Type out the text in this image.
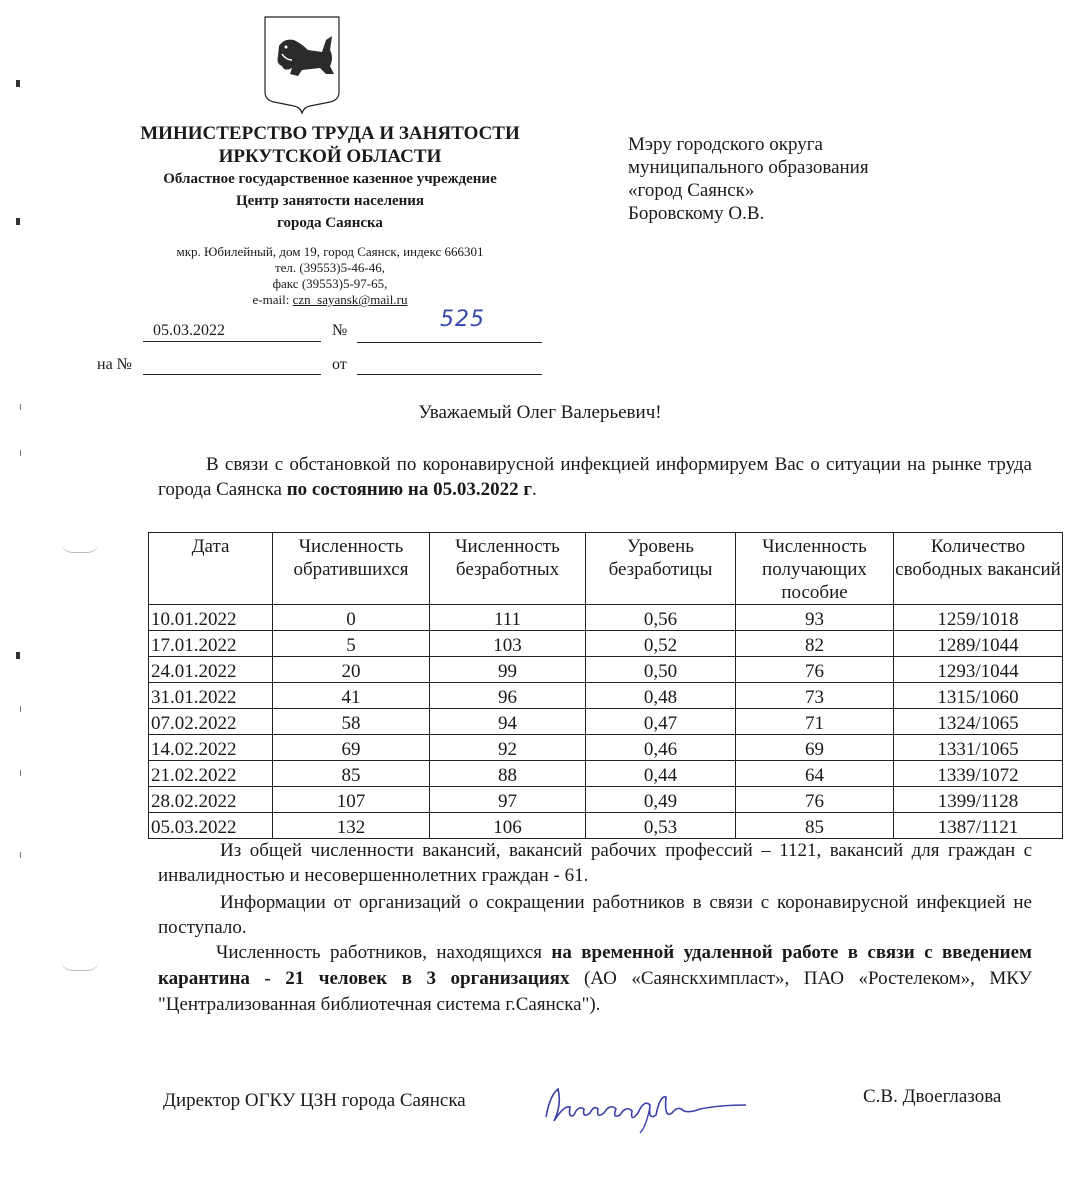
МИНИСТЕРСТВО ТРУДА И ЗАНЯТОСТИ
ИРКУТСКОЙ ОБЛАСТИ
Областное государственное казенное учреждение
Центр занятости населения
города Саянска
мкр. Юбилейный, дом 19, город Саянск, индекс 666301
тел. (39553)5-46-46,
факс (39553)5-97-65,
e-mail: czn_sayansk@mail.ru
05.03.2022	№	525
на №	от
Мэру городского округа
муниципального образования
«город Саянск»
Боровскому О.В.
Уважаемый Олег Валерьевич!
В связи с обстановкой по коронавирусной инфекцией информируем Вас о ситуации на рынке труда города Саянска по состоянию на 05.03.2022 г.
Дата	Численность обратившихся	Численность безработных	Уровень безработицы	Численность получающих пособие	Количество свободных вакансий
10.01.2022	0	111	0,56	93	1259/1018
17.01.2022	5	103	0,52	82	1289/1044
24.01.2022	20	99	0,50	76	1293/1044
31.01.2022	41	96	0,48	73	1315/1060
07.02.2022	58	94	0,47	71	1324/1065
14.02.2022	69	92	0,46	69	1331/1065
21.02.2022	85	88	0,44	64	1339/1072
28.02.2022	107	97	0,49	76	1399/1128
05.03.2022	132	106	0,53	85	1387/1121
Из общей численности вакансий, вакансий рабочих профессий – 1121, вакансий для граждан с инвалидностью и несовершеннолетних граждан - 61.
Информации от организаций о сокращении работников в связи с коронавирусной инфекцией не поступало.
Численность работников, находящихся на временной удаленной работе в связи с введением карантина - 21 человек в 3 организациях (АО «Саянскхимпласт», ПАО «Ростелеком», МКУ "Централизованная библиотечная система г.Саянска").
Директор ОГКУ ЦЗН города Саянска	С.В. Двоеглазова
